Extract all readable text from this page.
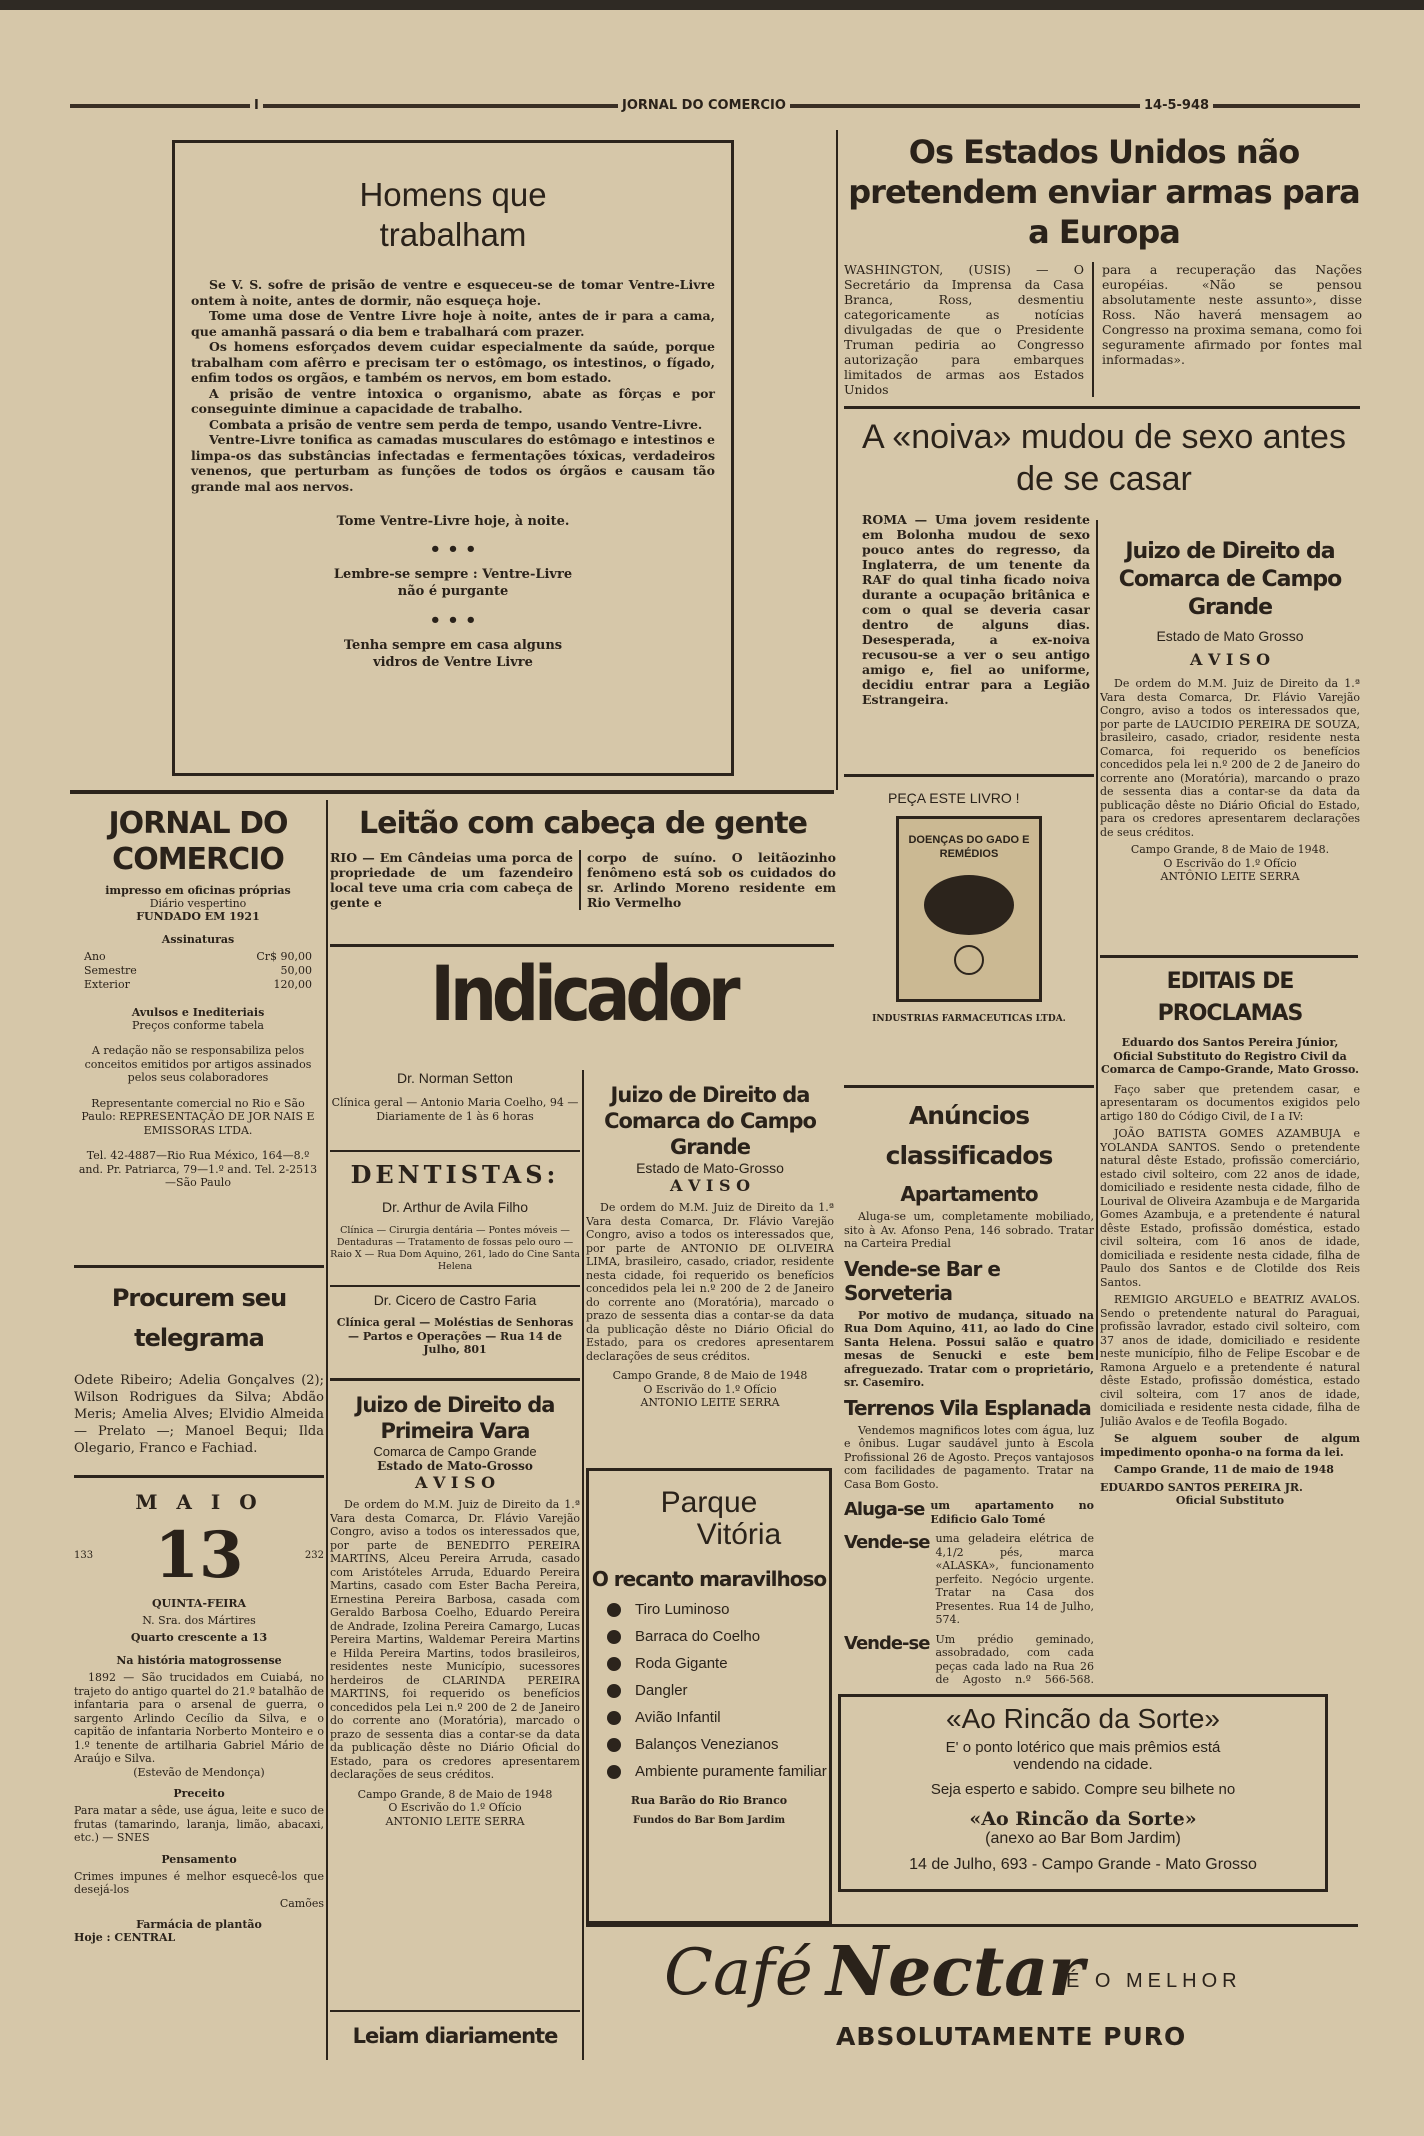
I	JORNAL DO COMERCIO	14-5-948

Homens que trabalham

Se V. S. sofre de prisão de ventre e esqueceu-se de tomar Ventre-Livre ontem à noite, antes de dormir, não esqueça hoje.

Tome uma dose de Ventre Livre hoje à noite, antes de ir para a cama, que amanhã passará o dia bem e trabalhará com prazer.

Os homens esforçados devem cuidar especialmente da saúde, porque trabalham com afêrro e precisam ter o estômago, os intestinos, o fígado, enfim todos os orgãos, e também os nervos, em bom estado.

A prisão de ventre intoxica o organismo, abate as fôrças e por conseguinte diminue a capacidade de trabalho.

Combata a prisão de ventre sem perda de tempo, usando Ventre-Livre.

Ventre-Livre tonifica as camadas musculares do estômago e intestinos e limpa-os das substâncias infectadas e fermentações tóxicas, verdadeiros venenos, que perturbam as funções de todos os órgãos e causam tão grande mal aos nervos.

Tome Ventre-Livre hoje, à noite.

• • •

Lembre-se sempre : Ventre-Livre não é purgante

• • •

Tenha sempre em casa alguns vidros de Ventre Livre

Os Estados Unidos não pretendem enviar armas para a Europa

WASHINGTON, (USIS) — O Secretário da Imprensa da Casa Branca, Ross, desmentiu categoricamente as notícias divulgadas de que o Presidente Truman pediria ao Congresso autorização para embarques limitados de armas aos Estados Unidos

para a recuperação das Nações européias. «Não se pensou absolutamente neste assunto», disse Ross. Não haverá mensagem ao Congresso na proxima semana, como foi seguramente afirmado por fontes mal informadas».

A «noiva» mudou de sexo antes de se casar

ROMA — Uma jovem residente em Bolonha mudou de sexo pouco antes do regresso, da Inglaterra, de um tenente da RAF do qual tinha ficado noiva durante a ocupação britânica e com o qual se deveria casar dentro de alguns dias. Desesperada, a ex-noiva recusou-se a ver o seu antigo amigo e, fiel ao uniforme, decidiu entrar para a Legião Estrangeira.

Juizo de Direito da Comarca de Campo Grande

Estado de Mato Grosso

A V I S O

De ordem do M.M. Juiz de Direito da 1.ª Vara desta Comarca, Dr. Flávio Varejão Congro, aviso a todos os interessados que, por parte de LAUCIDIO PEREIRA DE SOUZA, brasileiro, casado, criador, residente nesta Comarca, foi requerido os benefícios concedidos pela lei n.º 200 de 2 de Janeiro do corrente ano (Moratória), marcando o prazo de sessenta dias a contar-se da data da publicação dêste no Diário Oficial do Estado, para os credores apresentarem declarações de seus créditos.

Campo Grande, 8 de Maio de 1948.

O Escrivão do 1.º Ofício

ANTÔNIO LEITE SERRA

JORNAL DO COMERCIO

impresso em oficinas próprias

Diário vespertino

FUNDADO EM 1921

Assinaturas

Ano	Cr$ 90,00
Semestre	50,00
Exterior	120,00

Avulsos e Inediteriais

Preços conforme tabela

A redação não se responsabiliza pelos conceitos emitidos por artigos assinados pelos seus colaboradores

Representante comercial no Rio e São Paulo: REPRESENTAÇÃO DE JOR NAIS E EMISSORAS LTDA.

Tel. 42-4887—Rio Rua México, 164—8.º and. Pr. Patriarca, 79—1.º and. Tel. 2-2513—São Paulo

Leitão com cabeça de gente

RIO — Em Cândeias uma porca de propriedade de um fazendeiro local teve uma cria com cabeça de gente e

corpo de suíno. O leitãozinho fenômeno está sob os cuidados do sr. Arlindo Moreno residente em Rio Vermelho

Indicador

Dr. Norman Setton

Clínica geral — Antonio Maria Coelho, 94 — Diariamente de 1 às 6 horas

DENTISTAS:

Dr. Arthur de Avila Filho

Clínica — Cirurgia dentária — Pontes móveis — Dentaduras — Tratamento de fossas pelo ouro — Raio X — Rua Dom Aquino, 261, lado do Cine Santa Helena

Dr. Cicero de Castro Faria

Clínica geral — Moléstias de Senhoras — Partos e Operações — Rua 14 de Julho, 801

Juizo de Direito da Comarca do Campo Grande

Estado de Mato-Grosso

A V I S O

De ordem do M.M. Juiz de Direito da 1.ª Vara desta Comarca, Dr. Flávio Varejão Congro, aviso a todos os interessados que, por parte de ANTONIO DE OLIVEIRA LIMA, brasileiro, casado, criador, residente nesta cidade, foi requerido os benefícios concedidos pela lei n.º 200 de 2 de Janeiro do corrente ano (Moratória), marcado o prazo de sessenta dias a contar-se da data da publicação dêste no Diário Oficial do Estado, para os credores apresentarem declarações de seus créditos.

Campo Grande, 8 de Maio de 1948

O Escrivão do 1.º Ofício

ANTONIO LEITE SERRA

Juizo de Direito da Primeira Vara

Comarca de Campo Grande

Estado de Mato-Grosso

A V I S O

De ordem do M.M. Juiz de Direito da 1.ª Vara desta Comarca, Dr. Flávio Varejão Congro, aviso a todos os interessados que, por parte de BENEDITO PEREIRA MARTINS, Alceu Pereira Arruda, casado com Aristóteles Arruda, Eduardo Pereira Martins, casado com Ester Bacha Pereira, Ernestina Pereira Barbosa, casada com Geraldo Barbosa Coelho, Eduardo Pereira de Andrade, Izolina Pereira Camargo, Lucas Pereira Martins, Waldemar Pereira Martins e Hilda Pereira Martins, todos brasileiros, residentes neste Município, sucessores herdeiros de CLARINDA PEREIRA MARTINS, foi requerido os benefícios concedidos pela Lei n.º 200 de 2 de Janeiro do corrente ano (Moratória), marcado o prazo de sessenta dias a contar-se da data da publicação dêste no Diário Oficial do Estado, para os credores apresentarem declarações de seus créditos.

Campo Grande, 8 de Maio de 1948

O Escrivão do 1.º Ofício

ANTONIO LEITE SERRA

Leiam diariamente

Procurem seu telegrama

Odete Ribeiro; Adelia Gonçalves (2); Wilson Rodrigues da Silva; Abdão Meris; Amelia Alves; Elvidio Almeida — Prelato —; Manoel Bequi; Ilda Olegario, Franco e Fachiad.

M A I O

133 13	232

QUINTA-FEIRA

N. Sra. dos Mártires

Quarto crescente a 13

Na história matogrossense

1892 — São trucidados em Cuiabá, no trajeto do antigo quartel do 21.º batalhão de infantaria para o arsenal de guerra, o sargento Arlindo Cecílio da Silva, e o capitão de infantaria Norberto Monteiro e o 1.º tenente de artilharia Gabriel Mário de Araújo e Silva.

(Estevão de Mendonça)

Preceito

Para matar a sêde, use água, leite e suco de frutas (tamarindo, laranja, limão, abacaxi, etc.) — SNES

Pensamento

Crimes impunes é melhor esquecê-los que desejá-los

Camões

Farmácia de plantão

Hoje : CENTRAL

PEÇA ESTE LIVRO !

DOENÇAS DO GADO E REMÉDIOS

INDUSTRIAS FARMACEUTICAS LTDA.

Anúncios classificados

Apartamento

Aluga-se um, completamente mobiliado, sito à Av. Afonso Pena, 146 sobrado. Tratar na Carteira Predial

Vende-se Bar e Sorveteria

Por motivo de mudança, situado na Rua Dom Aquino, 411, ao lado do Cine Santa Helena. Possui salão e quatro mesas de Senucki e este bem afreguezado. Tratar com o proprietário, sr. Casemiro.

Terrenos Vila Esplanada

Vendemos magnificos lotes com água, luz e ônibus. Lugar saudável junto à Escola Profissional 26 de Agosto. Preços vantajosos com facilidades de pagamento. Tratar na Casa Bom Gosto.

Aluga-se um apartamento no Edificio Galo Tomé
Vende-se uma geladeira elétrica de 4,1/2 pés, marca «ALASKA», funcionamento perfeito. Negócio urgente. Tratar na Casa dos Presentes. Rua 14 de Julho, 574.
Vende-se Um prédio geminado, assobradado, com cada peças cada lado na Rua 26 de Agosto n.º 566-568.

EDITAIS DE PROCLAMAS

Eduardo dos Santos Pereira Júnior, Oficial Substituto do Registro Civil da Comarca de Campo-Grande, Mato Grosso.

Faço saber que pretendem casar, e apresentaram os documentos exigidos pelo artigo 180 do Código Civil, de I a IV:

JOÃO BATISTA GOMES AZAMBUJA e YOLANDA SANTOS. Sendo o pretendente natural dêste Estado, profissão comerciário, estado civil solteiro, com 22 anos de idade, domiciliado e residente nesta cidade, filho de Lourival de Oliveira Azambuja e de Margarida Gomes Azambuja, e a pretendente é natural dêste Estado, profissão doméstica, estado civil solteira, com 16 anos de idade, domiciliada e residente nesta cidade, filha de Paulo dos Santos e de Clotilde dos Reis Santos.

REMIGIO ARGUELO e BEATRIZ AVALOS. Sendo o pretendente natural do Paraguai, profissão lavrador, estado civil solteiro, com 37 anos de idade, domiciliado e residente neste município, filho de Felipe Escobar e de Ramona Arguelo e a pretendente é natural dêste Estado, profissão doméstica, estado civil solteira, com 17 anos de idade, domiciliada e residente nesta cidade, filha de Julião Avalos e de Teofila Bogado.

Se alguem souber de algum impedimento oponha-o na forma da lei.

Campo Grande, 11 de maio de 1948

EDUARDO SANTOS PEREIRA JR.

Oficial Substituto

Parque

Vitória

O recanto maravilhoso

Tiro Luminoso
Barraca do Coelho
Roda Gigante
Dangler
Avião Infantil
Balanços Venezianos
Ambiente puramente familiar

Rua Barão do Rio Branco

Fundos do Bar Bom Jardim

«Ao Rincão da Sorte»

E' o ponto lotérico que mais prêmios está vendendo na cidade.

Seja esperto e sabido. Compre seu bilhete no

«Ao Rincão da Sorte»

(anexo ao Bar Bom Jardim)

14 de Julho, 693 - Campo Grande - Mato Grosso

Café Nectar
É O MELHOR
ABSOLUTAMENTE PURO
